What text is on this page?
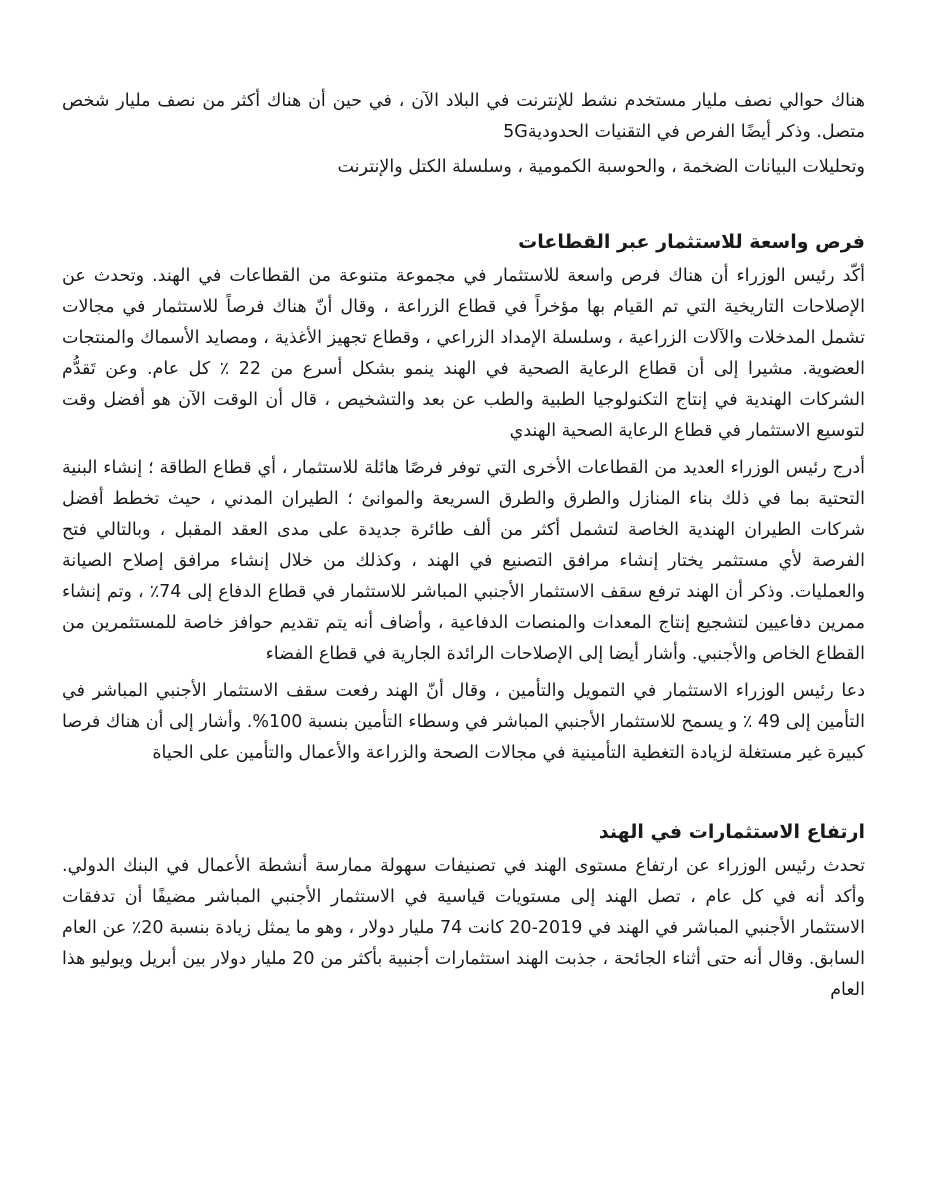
هناك حوالي نصف مليار مستخدم نشط للإنترنت في البلاد الآن ، في حين أن هناك أكثر من نصف مليار شخص متصل. وذكر أيضًا الفرص في التقنيات الحدودية5G

وتحليلات البيانات الضخمة ، والحوسبة الكمومية ، وسلسلة الكتل والإنترنت

فرص واسعة للاستثمار عبر القطاعات

أكّد رئيس الوزراء أن هناك فرص واسعة للاستثمار في مجموعة متنوعة من القطاعات في الهند. وتحدث عن الإصلاحات التاريخية التي تم القيام بها مؤخراً في قطاع الزراعة ، وقال أنّ هناك فرصاً للاستثمار في مجالات تشمل المدخلات والآلات الزراعية ، وسلسلة الإمداد الزراعي ، وقطاع تجهيز الأغذية ، ومصايد الأسماك والمنتجات العضوية. مشيرا إلى أن قطاع الرعاية الصحية في الهند ينمو بشكل أسرع من 22 ٪ كل عام. وعن تَقدُّم الشركات الهندية في إنتاج التكنولوجيا الطبية والطب عن بعد والتشخيص ، قال أن الوقت الآن هو أفضل وقت لتوسيع الاستثمار في قطاع الرعاية الصحية الهندي

أدرج رئيس الوزراء العديد من القطاعات الأخرى التي توفر فرصًا هائلة للاستثمار ، أي قطاع الطاقة ؛ إنشاء البنية التحتية بما في ذلك بناء المنازل والطرق والطرق السريعة والموانئ ؛ الطيران المدني ، حيث تخطط أفضل شركات الطيران الهندية الخاصة لتشمل أكثر من ألف طائرة جديدة على مدى العقد المقبل ، وبالتالي فتح الفرصة لأي مستثمر يختار إنشاء مرافق التصنيع في الهند ، وكذلك من خلال إنشاء مرافق إصلاح الصيانة والعمليات. وذكر أن الهند ترفع سقف الاستثمار الأجنبي المباشر للاستثمار في قطاع الدفاع إلى 74٪ ، وتم إنشاء ممرين دفاعيين لتشجيع إنتاج المعدات والمنصات الدفاعية ، وأضاف أنه يتم تقديم حوافز خاصة للمستثمرين من القطاع الخاص والأجنبي. وأشار أيضا إلى الإصلاحات الرائدة الجارية في قطاع الفضاء

دعا رئيس الوزراء الاستثمار في التمويل والتأمين ، وقال أنّ الهند رفعت سقف الاستثمار الأجنبي المباشر في التأمين إلى 49 ٪ و يسمح للاستثمار الأجنبي المباشر في وسطاء التأمين بنسبة 100%. وأشار إلى أن هناك فرصا كبيرة غير مستغلة لزيادة التغطية التأمينية في مجالات الصحة والزراعة والأعمال والتأمين على الحياة

ارتفاع الاستثمارات في الهند

تحدث رئيس الوزراء عن ارتفاع مستوى الهند في تصنيفات سهولة ممارسة أنشطة الأعمال في البنك الدولي. وأكد أنه في كل عام ، تصل الهند إلى مستويات قياسية في الاستثمار الأجنبي المباشر مضيفًا أن تدفقات الاستثمار الأجنبي المباشر في الهند في 2019-20 كانت 74 مليار دولار ، وهو ما يمثل زيادة بنسبة 20٪ عن العام السابق. وقال أنه حتى أثناء الجائحة ، جذبت الهند استثمارات أجنبية بأكثر من 20 مليار دولار بين أبريل ويوليو هذا العام
